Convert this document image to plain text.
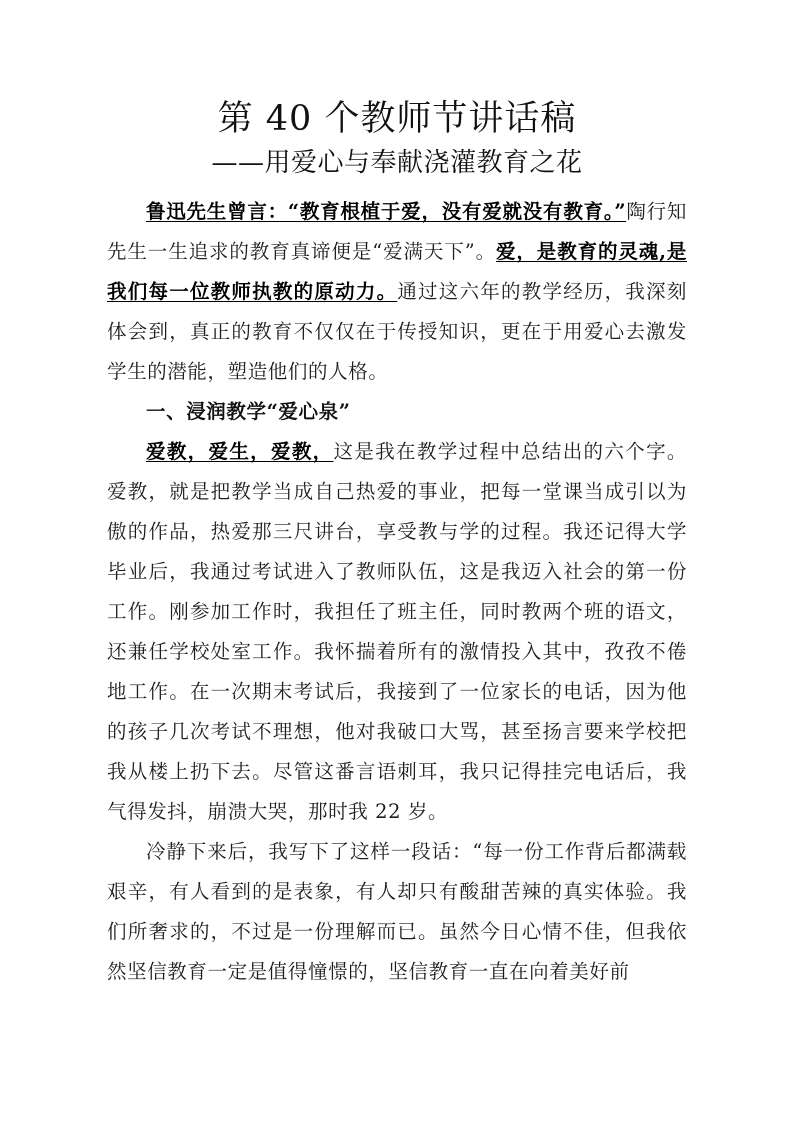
第 40 个教师节讲话稿
——用爱心与奉献浇灌教育之花

鲁迅先生曾言：“教育根植于爱，没有爱就没有教育。”陶行知先生一生追求的教育真谛便是“爱满天下”。爱，是教育的灵魂,是我们每一位教师执教的原动力。通过这六年的教学经历，我深刻体会到，真正的教育不仅仅在于传授知识，更在于用爱心去激发学生的潜能，塑造他们的人格。

一、浸润教学“爱心泉”

爱教，爱生，爱教，这是我在教学过程中总结出的六个字。爱教，就是把教学当成自己热爱的事业，把每一堂课当成引以为傲的作品，热爱那三尺讲台，享受教与学的过程。我还记得大学毕业后，我通过考试进入了教师队伍，这是我迈入社会的第一份工作。刚参加工作时，我担任了班主任，同时教两个班的语文，还兼任学校处室工作。我怀揣着所有的激情投入其中，孜孜不倦地工作。在一次期末考试后，我接到了一位家长的电话，因为他的孩子几次考试不理想，他对我破口大骂，甚至扬言要来学校把我从楼上扔下去。尽管这番言语刺耳，我只记得挂完电话后，我气得发抖，崩溃大哭，那时我 22 岁。

冷静下来后，我写下了这样一段话：“每一份工作背后都满载艰辛，有人看到的是表象，有人却只有酸甜苦辣的真实体验。我们所奢求的，不过是一份理解而已。虽然今日心情不佳，但我依然坚信教育一定是值得憧憬的，坚信教育一直在向着美好前
